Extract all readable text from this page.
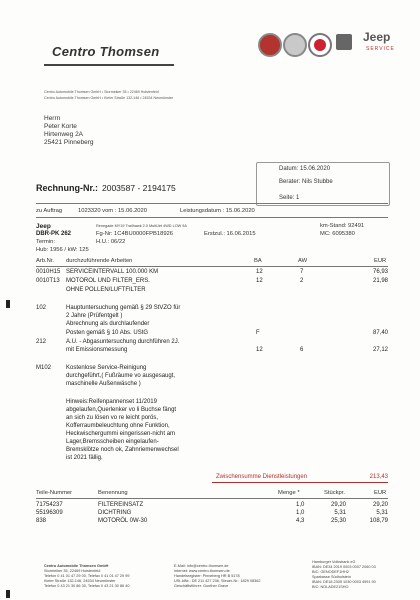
Centro Thomsen
Jeep
SERVICE
Centro Automobile Thomsen GmbH • Stormeiker 35 • 22469 Holstenfeld
Centro Automobile Thomsen GmbH • Kieler Straße 132-146 • 24534 Neumünster
Herrn
Peter Korte
Hirtenweg 2A
25421 Pinneberg
Datum: 15.06.2020
Berater: Nils Stubbe
Seite: 1
Rechnung-Nr.: 2003587 - 2194175
zu Auftrag	1023320 vom : 15.06.2020	Leistungsdatum : 15.06.2020
Jeep	Renegade MY19 Trailhawk 2.0 MultiJet 4WD LOW 9A	km-Stand: 92491
DBR-PK 262	Fg-Nr: 1C4BU0000FPB18926	Erstzul.: 16.06.2015	MC: 6095380
Termin:	H.U.: 06/22
Hub: 1956 / kW: 125
Arb.Nr. durchzuführende Arbeiten	BA	AW	EUR
0010H15 SERVICEINTERVALL 100.000 KM	12	7	76,93
0010T13 MOTOROL UND FILTER_ERS.	12	2	21,98
OHNE POLLEN/LUFTFILTER
102	Hauptuntersuchung gemäß § 29 StVZO für
2 Jahre (Prüfentgelt )
Abrechnung als durchlaufender
Posten gemäß § 10 Abs. UStG	F	87,40
212	A.U. - Abgasuntersuchung durchführen 2J.
mit Emissionsmessung	12	6	27,12
M102 Kostenlose Service-Reinigung
durchgeführt,( Fußräume vo ausgesaugt,
maschinelle Außenwäsche )
Hinweis:Reifenpannenset 11/2019
abgelaufen,Querlenker vo li Buchse fängt
an sich zu lösen vo re leicht porös,
Kofferraumbeleuchtung ohne Funktion,
Heckwischergummi eingerissen-nicht am
Lager,Bremsscheiben eingelaufen-
Bremsklötze noch ok, Zahnriemenwechsel
ist 2021 fällig.
Zwischensumme Dienstleistungen	213,43
Teile-Nummer	Benennung	Menge *	Stückpr.	EUR
71754237	FILTEREINSATZ	1,0	29,20	29,20
55196309	DICHTRING	1,0	5,31	5,31
838	MOTORÖL 0W-30	4,3	25,30	108,79
Centro Automobile Thomsen GmbH
Stormeiker 35, 22469 Holstenfeld
Telefon 0 41 01 47 29 00, Telefax 0 41 01 47 29 99
Kieler Straße 132-146, 24534 Neumünster
Telefon 0 43 21 30 86 30, Telefax 0 43 21 30 86 40
E-Mail: info@centro-thomsen.de
Internet: www.centro-thomsen.de
Handelsregister: Pinneberg HR B 5178
USt-IdNr.: DE 211 427 236, Steuer-Nr.: 1829 08362
Geschäftsführer: Gunther Grave
Hamburger Volksbank eG
IBAN: DE34 2019 0003 0007 2060 03
BIC: GENODEF1HH2
Sparkasse Südholstein
IBAN: DE18 2305 1030 0003 4991 90
BIC: NOLADE21SHO
